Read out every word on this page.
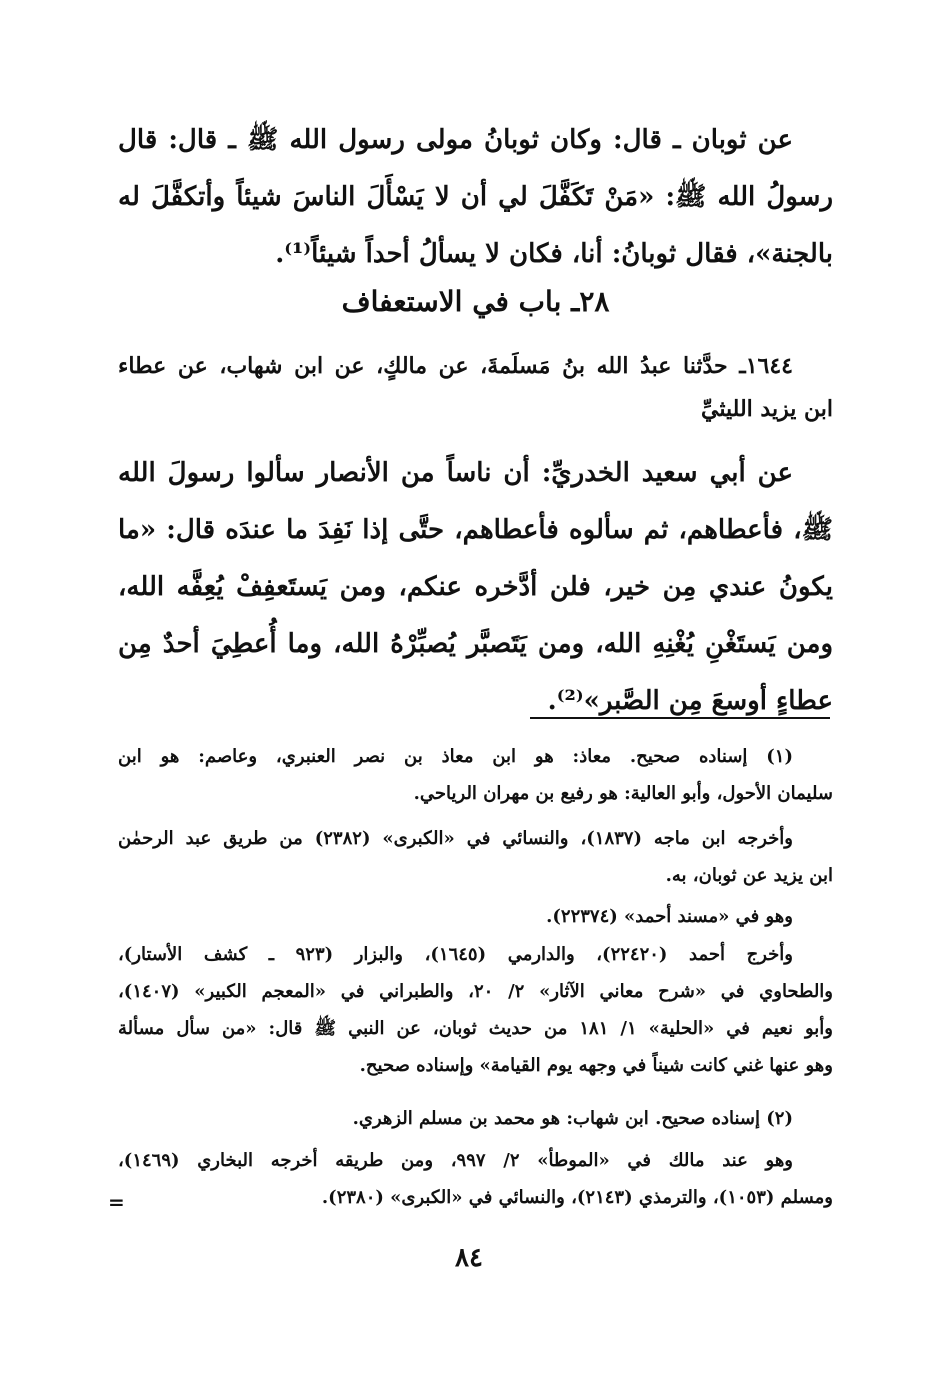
عن ثوبان ـ قال: وكان ثوبانُ مولى رسول الله ﷺ ـ قال: قال
رسولُ الله ﷺ: «مَنْ تَكَفَّلَ لي أن لا يَسْأَلَ الناسَ شيئاً وأتكفَّلَ له
بالجنة»، فقال ثوبانُ: أنا، فكان لا يسألُ أحداً شيئاً⁽¹⁾.
٢٨ـ باب في الاستعفاف
١٦٤٤ـ حدَّثنا عبدُ الله بنُ مَسلَمةَ، عن مالكٍ، عن ابن شهاب، عن عطاء
ابن يزيد الليثيِّ
عن أبي سعيد الخدريِّ: أن ناساً من الأنصار سألوا رسولَ الله
ﷺ، فأعطاهم، ثم سألوه فأعطاهم، حتَّى إذا نَفِدَ ما عندَه قال: «ما
يكونُ عندي مِن خير، فلن أدَّخره عنكم، ومن يَستَعفِفْ يُعِفَّه الله،
ومن يَستَغْنِ يُغْنِهِ الله، ومن يَتَصبَّر يُصبِّرْهُ الله، وما أُعطِيَ أحدٌ مِن
عطاءٍ أوسعَ مِن الصَّبر»⁽²⁾.
(١) إسناده صحيح. معاذ: هو ابن معاذ بن نصر العنبري، وعاصم: هو ابن
سليمان الأحول، وأبو العالية: هو رفيع بن مهران الرياحي.
وأخرجه ابن ماجه (١٨٣٧)، والنسائي في «الكبرى» (٢٣٨٢) من طريق عبد الرحمٰن
ابن يزيد عن ثوبان، به.
وهو في «مسند أحمد» (٢٢٣٧٤).
وأخرج أحمد (٢٢٤٢٠)، والدارمي (١٦٤٥)، والبزار (٩٢٣ ـ كشف الأستار)،
والطحاوي في «شرح معاني الآثار» ٢/ ٢٠، والطبراني في «المعجم الكبير» (١٤٠٧)،
وأبو نعيم في «الحلية» ١/ ١٨١ من حديث ثوبان، عن النبي ﷺ قال: «من سأل مسألة
وهو عنها غني كانت شيناً في وجهه يوم القيامة» وإسناده صحيح.
(٢) إسناده صحيح. ابن شهاب: هو محمد بن مسلم الزهري.
وهو عند مالك في «الموطأ» ٢/ ٩٩٧، ومن طريقه أخرجه البخاري (١٤٦٩)،
ومسلم (١٠٥٣)، والترمذي (٢١٤٣)، والنسائي في «الكبرى» (٢٣٨٠).
=
٨٤
